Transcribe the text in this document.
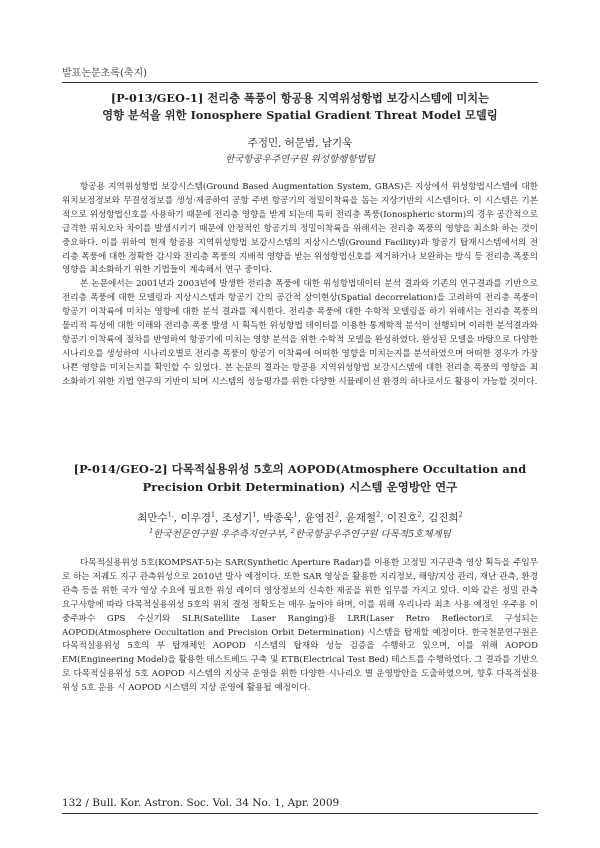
발표논문초록(축지)
[P-013/GEO-1] 전리층 폭풍이 항공용 지역위성항법 보강시스템에 미치는
영향 분석을 위한 Ionosphere Spatial Gradient Threat Model 모델링
주정민, 허문범, 남기욱
한국항공우주연구원 위성항행항법팀

항공용 지역위성항법 보강시스템(Ground Based Augmentation System, GBAS)은 지상에서 위성항법시스템에 대한 위치보정정보와 무결성정보를 생성·제공하여 공항 주변 항공기의 정밀이착륙을 돕는 지상기반의 시스템이다. 이 시스템은 기본적으로 위성항법신호를 사용하기 때문에 전리층 영향을 받게 되는데 특히 전리층 폭풍(Ionospheric storm)의 경우 공간적으로 급격한 위치오차 차이를 발생시키기 때문에 안정적인 항공기의 정밀이착륙을 위해서는 전리층 폭풍의 영향을 최소화 하는 것이 중요하다. 이를 위하여 현재 항공용 지역위성항법 보강시스템의 지상시스템(Ground Facility)과 항공기 탑재시스템에서의 전리층 폭풍에 대한 정확한 감시와 전리층 폭풍의 지배적 영향을 받는 위성항법신호를 제거하거나 보완하는 방식 등 전리층 폭풍의 영향을 최소화하기 위한 기법들이 계속해서 연구 중이다.

본 논문에서는 2001년과 2003년에 발생한 전리층 폭풍에 대한 위성항법데이터 분석 결과와 기존의 연구결과를 기반으로 전리층 폭풍에 대한 모델링과 지상시스템과 항공기 간의 공간적 상이현상(Spatial decorrelation)을 고려하여 전리층 폭풍이 항공기 이착륙에 미치는 영향에 대한 분석 결과를 제시한다. 전리층 폭풍에 대한 수학적 모델링을 하기 위해서는 전리층 폭풍의 물리적 특성에 대한 이해와 전리층 폭풍 발생 시 획득한 위성항법 데이터를 이용한 통계학적 분석이 선행되며 이러한 분석결과와 항공기 이착륙에 절차를 반영하여 항공기에 미치는 영향 분석을 위한 수학적 모델을 완성하였다. 완성된 모델을 바탕으로 다양한 시나리오를 생성하여 시나리오별로 전리층 폭풍이 항공기 이착륙에 어떠한 영향을 미치는지를 분석하였으며 어떠한 경우가 가장 나쁜 영향을 미치는지를 확인할 수 있었다. 본 논문의 결과는 항공용 지역위성항법 보강시스템에 대한 전리층 폭풍의 영향을 최소화하기 위한 기법 연구의 기반이 되며 시스템의 성능평가를 위한 다양한 시뮬레이션 환경의 하나로서도 활용이 가능할 것이다.

[P-014/GEO-2] 다목적실용위성 5호의 AOPOD(Atmosphere Occultation and
Precision Orbit Determination) 시스템 운영방안 연구
최만수$^{1,}$, 이우경$^1$, 조성기$^1$, 박종욱$^1$, 윤영진$^2$, 윤재철$^2$, 이진호$^2$, 김진희$^2$
$^1$한국천문연구원 우주측지연구부, $^2$한국항공우주연구원 다목적5호체계팀

다목적실용위성 5호(KOMPSAT-5)는 SAR(Synthetic Aperture Radar)를 이용한 고정밀 지구관측 영상 획득을 주임무로 하는 저궤도 지구 관측위성으로 2010년 발사 예정이다. 또한 SAR 영상을 활용한 지리정보, 해양/지상 관리, 재난 관측, 환경 관측 등을 위한 국가 영상 수요에 필요한 위성 레이더 영상정보의 신속한 제공을 위한 임무를 가지고 있다. 이와 같은 정밀 관측 요구사항에 따라 다목적실용위성 5호의 위치 결정 정확도는 매우 높아야 하며, 이를 위해 우리나라 최초 사용 예정인 우주용 이중주파수 GPS 수신기와 SLR(Satellite Laser Ranging)용 LRR(Laser Retro Reflector)로 구성되는 AOPOD(Atmosphere Occultation and Precision Orbit Determination) 시스템을 탑재할 예정이다. 한국천문연구원은 다목적실용위성 5호의 부 탑재체인 AOPOD 시스템의 탑재와 성능 검증을 수행하고 있으며, 이를 위해 AOPOD EM(Engineering Model)을 활용한 테스트베드 구축 및 ETB(Electrical Test Bed) 테스트를 수행하였다. 그 결과를 기반으로 다목적실용위성 5호 AOPOD 시스템의 지상국 운영을 위한 다양한 시나리오 별 운영방안을 도출하였으며, 향후 다목적실용위성 5호 운용 시 AOPOD 시스템의 지상 운영에 활용될 예정이다.

132 / Bull. Kor. Astron. Soc. Vol. 34 No. 1, Apr. 2009
